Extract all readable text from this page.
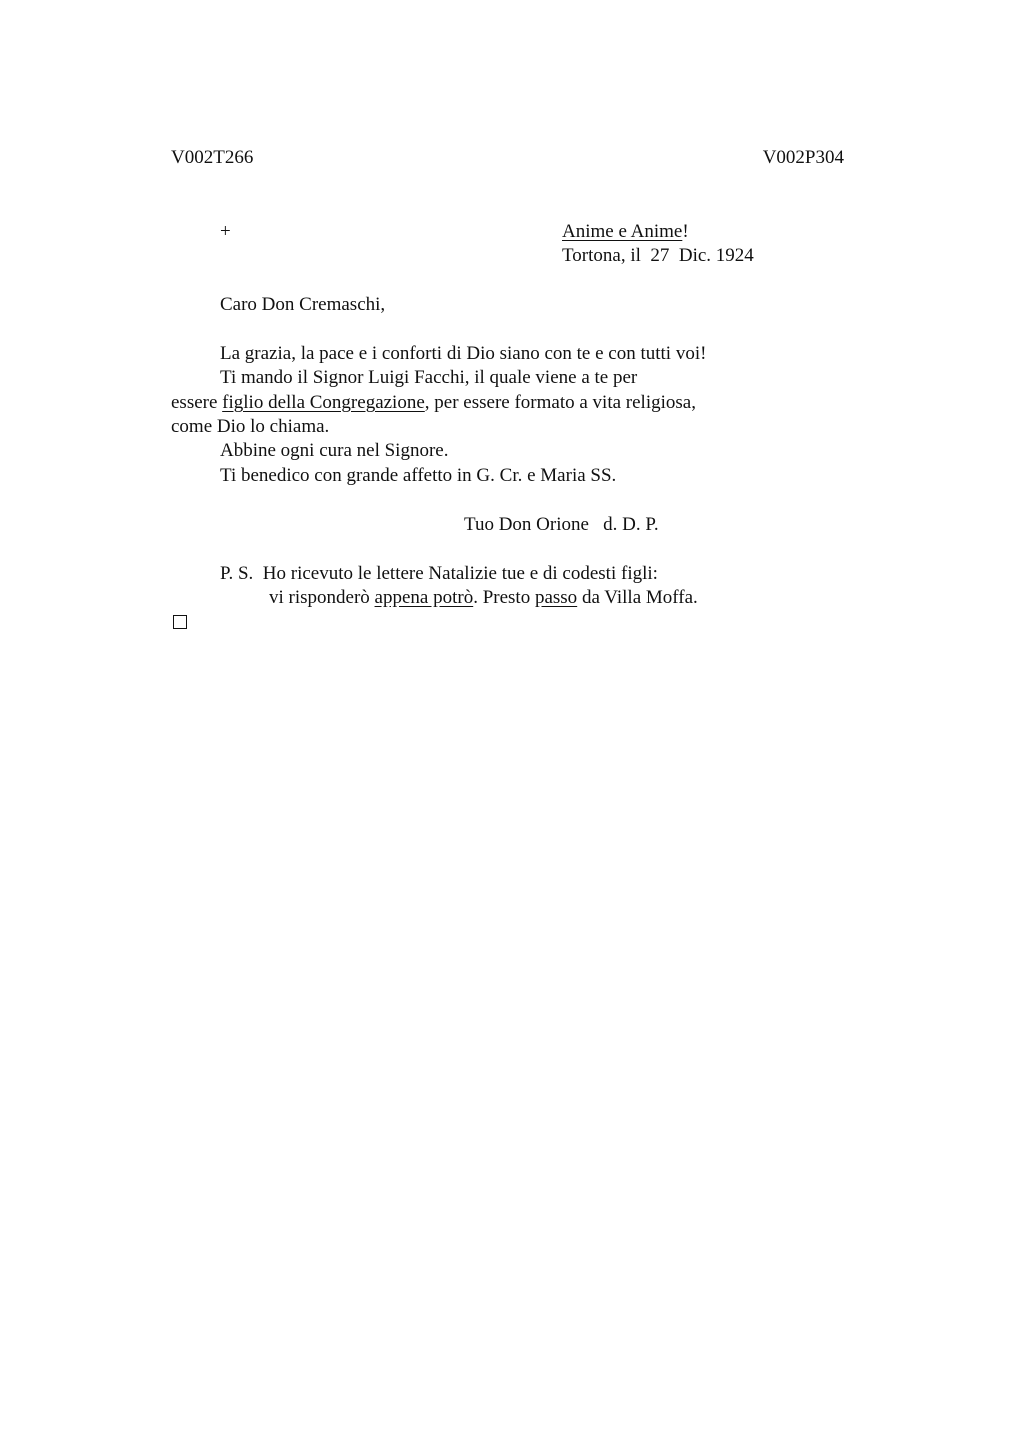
V002T266	V002P304
+	Anime e Anime!
Tortona, il  27  Dic. 1924
Caro Don Cremaschi,
La grazia, la pace e i conforti di Dio siano con te e con tutti voi!
Ti mando il Signor Luigi Facchi, il quale viene a te per
essere figlio della Congregazione, per essere formato a vita religiosa,
come Dio lo chiama.
Abbine ogni cura nel Signore.
Ti benedico con grande affetto in G. Cr. e Maria SS.
Tuo Don Orione   d. D. P.
P. S.  Ho ricevuto le lettere Natalizie tue e di codesti figli:
vi risponderò appena potrò. Presto passo da Villa Moffa.
